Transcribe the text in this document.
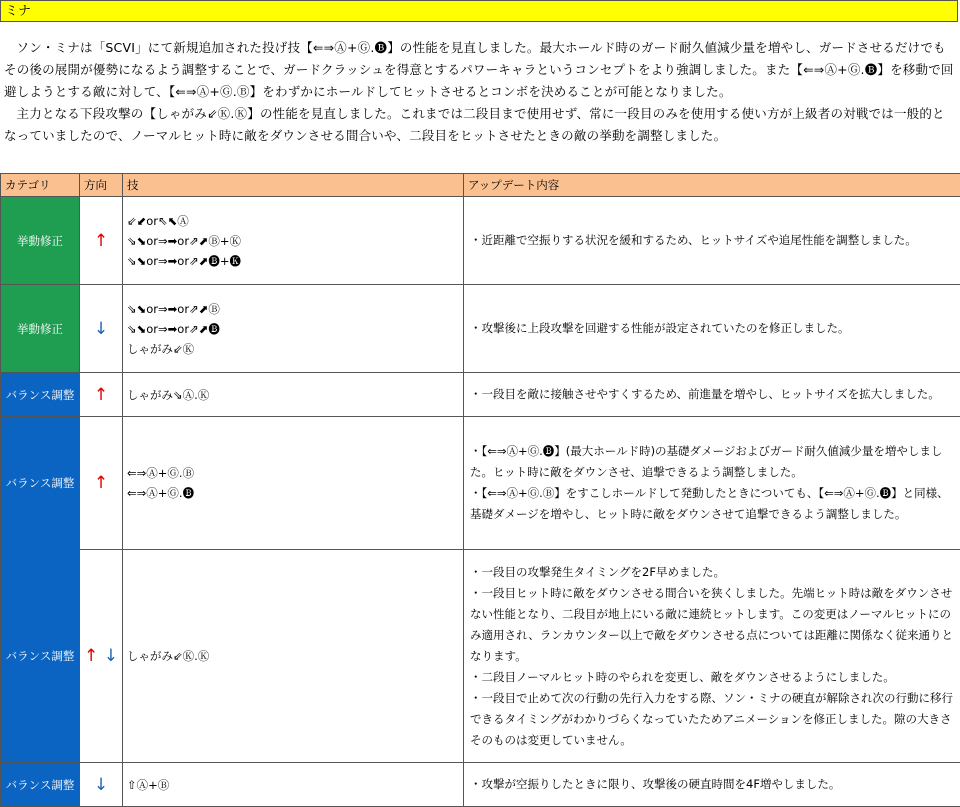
ミナ

ソン・ミナは「SCVI」にて新規追加された投げ技【⇐⇒Ⓐ+Ⓖ.🅑】の性能を見直しました。最大ホールド時のガード耐久値減少量を増やし、ガードさせるだけでもその後の展開が優勢になるよう調整することで、ガードクラッシュを得意とするパワーキャラというコンセプトをより強調しました。また【⇐⇒Ⓐ+Ⓖ.🅑】を移動で回避しようとする敵に対して、【⇐⇒Ⓐ+Ⓖ.Ⓑ】をわずかにホールドしてヒットさせるとコンボを決めることが可能となりました。

主力となる下段攻撃の【しゃがみ⇙Ⓚ.Ⓚ】の性能を見直しました。これまでは二段目まで使用せず、常に一段目のみを使用する使い方が上級者の対戦では一般的となっていましたので、ノーマルヒット時に敵をダウンさせる間合いや、二段目をヒットさせたときの敵の挙動を調整しました。

カテゴリ	方向	技	アップデート内容
挙動修正	↑	⇙⬋or⇖⬉Ⓐ
⇘⬊or⇒➡or⇗⬈Ⓑ+Ⓚ
⇘⬊or⇒➡or⇗⬈🅑+🅚	・近距離で空振りする状況を緩和するため、ヒットサイズや追尾性能を調整しました。

挙動修正	↓	⇘⬊or⇒➡or⇗⬈Ⓑ
⇘⬊or⇒➡or⇗⬈🅑
しゃがみ⇙Ⓚ	・攻撃後に上段攻撃を回避する性能が設定されていたのを修正しました。

バランス調整	↑	しゃがみ⇘Ⓐ.Ⓚ	・一段目を敵に接触させやすくするため、前進量を増やし、ヒットサイズを拡大しました。

バランス調整	↑	⇐⇒Ⓐ+Ⓖ.Ⓑ
⇐⇒Ⓐ+Ⓖ.🅑	・【⇐⇒Ⓐ+Ⓖ.🅑】(最大ホールド時)の基礎ダメージおよびガード耐久値減少量を増やしました。ヒット時に敵をダウンさせ、追撃できるよう調整しました。
・【⇐⇒Ⓐ+Ⓖ.Ⓑ】をすこしホールドして発動したときについても、【⇐⇒Ⓐ+Ⓖ.🅑】と同様、基礎ダメージを増やし、ヒット時に敵をダウンさせて追撃できるよう調整しました。

バランス調整	↑ ↓	しゃがみ⇙Ⓚ.Ⓚ	・一段目の攻撃発生タイミングを2F早めました。
・一段目ヒット時に敵をダウンさせる間合いを狭くしました。先端ヒット時は敵をダウンさせない性能となり、二段目が地上にいる敵に連続ヒットします。この変更はノーマルヒットにのみ適用され、ランカウンター以上で敵をダウンさせる点については距離に関係なく従来通りとなります。
・二段目ノーマルヒット時のやられを変更し、敵をダウンさせるようにしました。
・一段目で止めて次の行動の先行入力をする際、ソン・ミナの硬直が解除され次の行動に移行できるタイミングがわかりづらくなっていたためアニメーションを修正しました。隙の大きさそのものは変更していません。

バランス調整	↓	⇧Ⓐ+Ⓑ	・攻撃が空振りしたときに限り、攻撃後の硬直時間を4F増やしました。
